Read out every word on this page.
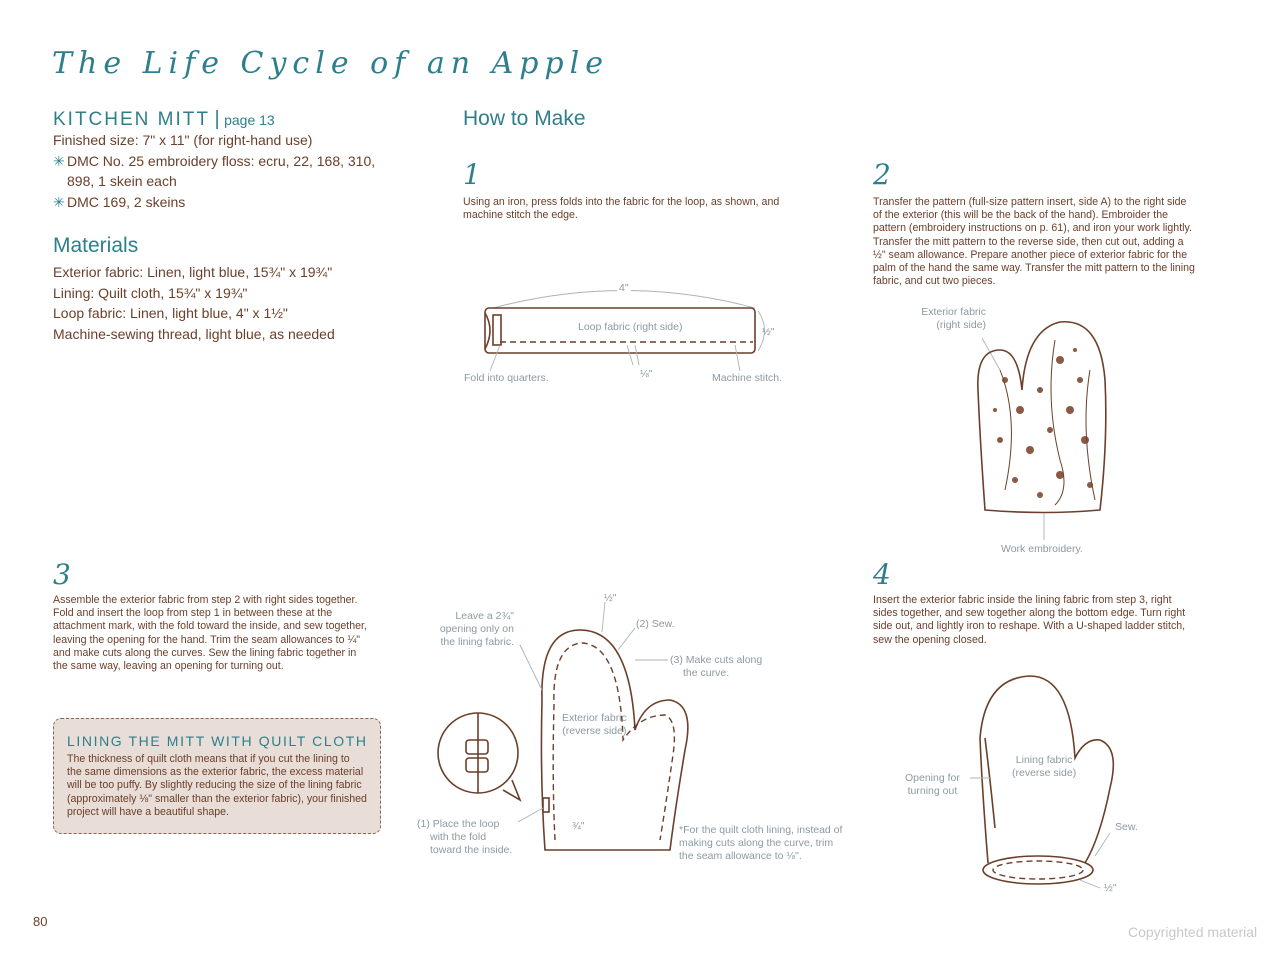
The Life Cycle of an Apple
KITCHEN MITT | page 13
Finished size: 7" x 11" (for right-hand use)
✳ DMC No. 25 embroidery floss: ecru, 22, 168, 310,
898, 1 skein each
✳ DMC 169, 2 skeins
Materials
Exterior fabric: Linen, light blue, 15¾" x 19¾"
Lining: Quilt cloth, 15¾" x 19¾"
Loop fabric: Linen, light blue, 4" x 1½"
Machine-sewing thread, light blue, as needed
How to Make
1
Using an iron, press folds into the fabric for the loop, as shown, and machine stitch the edge.
4"
Loop fabric (right side)	½"
Fold into quarters.	⅛"	Machine stitch.
2
Transfer the pattern (full-size pattern insert, side A) to the right side of the exterior (this will be the back of the hand). Embroider the pattern (embroidery instructions on p. 61), and iron your work lightly. Transfer the mitt pattern to the reverse side, then cut out, adding a ½" seam allowance. Prepare another piece of exterior fabric for the palm of the hand the same way. Transfer the mitt pattern to the lining fabric, and cut two pieces.
Exterior fabric
(right side)
Work embroidery.
3
Assemble the exterior fabric from step 2 with right sides together. Fold and insert the loop from step 1 in between these at the attachment mark, with the fold toward the inside, and sew together, leaving the opening for the hand. Trim the seam allowances to ¼" and make cuts along the curves. Sew the lining fabric together in the same way, leaving an opening for turning out.
LINING THE MITT WITH QUILT CLOTH
The thickness of quilt cloth means that if you cut the lining to the same dimensions as the exterior fabric, the excess material will be too puffy. By slightly reducing the size of the lining fabric (approximately ⅛" smaller than the exterior fabric), your finished project will have a beautiful shape.
½"
Leave a 2¾"
opening only on
the lining fabric.
(2) Sew.
(3) Make cuts along
the curve.
Exterior fabric
(reverse side)
(1) Place the loop
with the fold
toward the inside.
¾"	*For the quilt cloth lining, instead of
making cuts along the curve, trim
the seam allowance to ⅛".
4
Insert the exterior fabric inside the lining fabric from step 3, right sides together, and sew together along the bottom edge. Turn right side out, and lightly iron to reshape. With a U-shaped ladder stitch, sew the opening closed.
Lining fabric
(reverse side)
Opening for
turning out
Sew.
½"
80
Copyrighted material
